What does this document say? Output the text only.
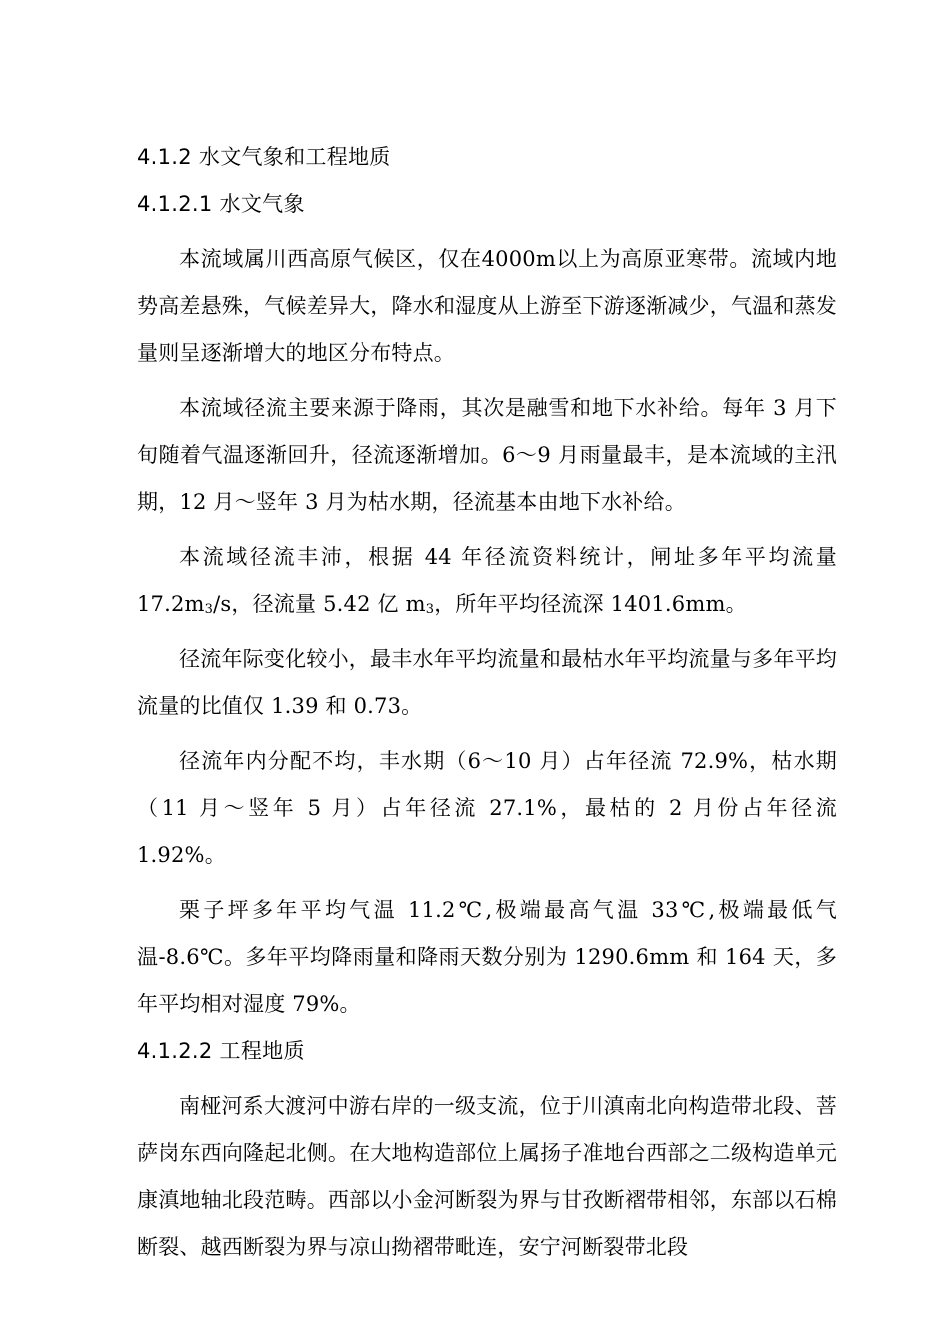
4.1.2 水文气象和工程地质
4.1.2.1 水文气象

本流域属川西高原气候区，仅在4000m以上为高原亚寒带。流域内地势高差悬殊，气候差异大，降水和湿度从上游至下游逐渐减少，气温和蒸发量则呈逐渐增大的地区分布特点。

本流域径流主要来源于降雨，其次是融雪和地下水补给。每年 3 月下旬随着气温逐渐回升，径流逐渐增加。6～9 月雨量最丰，是本流域的主汛期，12 月～竖年 3 月为枯水期，径流基本由地下水补给。

本流域径流丰沛，根据 44 年径流资料统计，闸址多年平均流量 $17.2m_3/s$，径流量 5.42 亿 $m_3$，所年平均径流深 1401.6mm。

径流年际变化较小，最丰水年平均流量和最枯水年平均流量与多年平均流量的比值仅 1.39 和 0.73。

径流年内分配不均，丰水期（6～10 月）占年径流 72.9%，枯水期（11 月～竖年 5 月）占年径流 27.1%，最枯的 2 月份占年径流 1.92%。

栗子坪多年平均气温 11.2℃,极端最高气温 33℃,极端最低气温-8.6℃。多年平均降雨量和降雨天数分别为 1290.6mm 和 164 天，多年平均相对湿度 79%。

4.1.2.2 工程地质

南桠河系大渡河中游右岸的一级支流，位于川滇南北向构造带北段、菩萨岗东西向隆起北侧。在大地构造部位上属扬子准地台西部之二级构造单元康滇地轴北段范畴。西部以小金河断裂为界与甘孜断褶带相邻，东部以石棉断裂、越西断裂为界与凉山拗褶带毗连，安宁河断裂带北段
